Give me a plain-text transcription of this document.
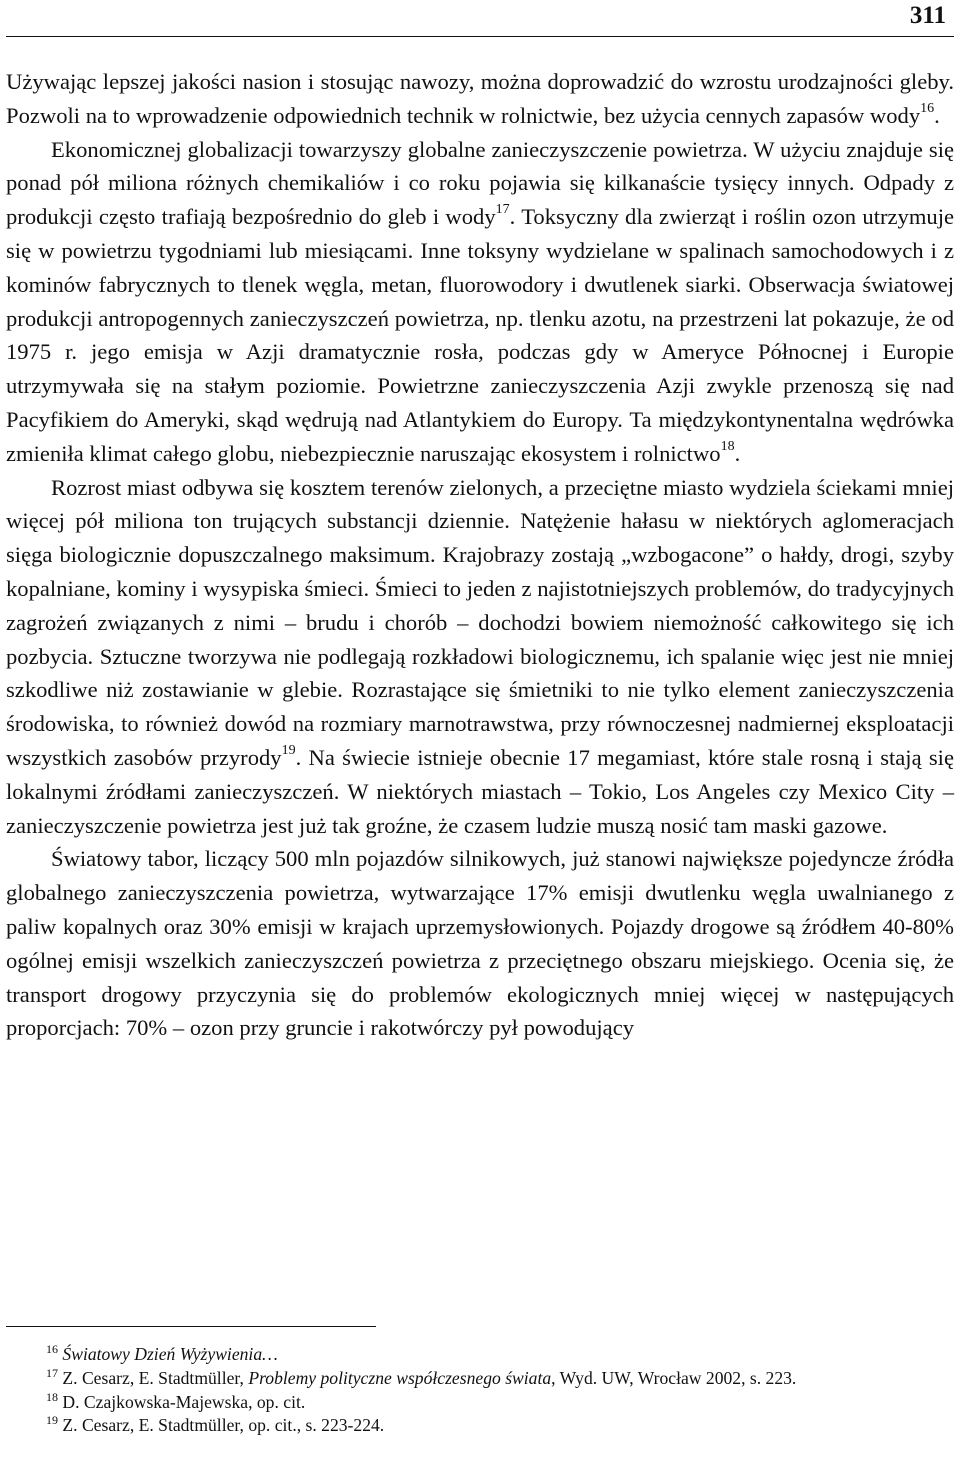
311

Używając lepszej jakości nasion i stosując nawozy, można doprowadzić do wzrostu urodzajności gleby. Pozwoli na to wprowadzenie odpowiednich technik w rolnictwie, bez użycia cennych zapasów wody$^{16}$.

Ekonomicznej globalizacji towarzyszy globalne zanieczyszczenie powietrza. W użyciu znajduje się ponad pół miliona różnych chemikaliów i co roku pojawia się kilkanaście tysięcy innych. Odpady z produkcji często trafiają bezpośrednio do gleb i wody$^{17}$. Toksyczny dla zwierząt i roślin ozon utrzymuje się w powietrzu tygodniami lub miesiącami. Inne toksyny wydzielane w spalinach samochodowych i z kominów fabrycznych to tlenek węgla, metan, fluorowodory i dwutlenek siarki. Obserwacja światowej produkcji antropogennych zanieczyszczeń powietrza, np. tlenku azotu, na przestrzeni lat pokazuje, że od 1975 r. jego emisja w Azji dramatycznie rosła, podczas gdy w Ameryce Północnej i Europie utrzymywała się na stałym poziomie. Powietrzne zanieczyszczenia Azji zwykle przenoszą się nad Pacyfikiem do Ameryki, skąd wędrują nad Atlantykiem do Europy. Ta międzykontynentalna wędrówka zmieniła klimat całego globu, niebezpiecznie naruszając ekosystem i rolnictwo$^{18}$.

Rozrost miast odbywa się kosztem terenów zielonych, a przeciętne miasto wydziela ściekami mniej więcej pół miliona ton trujących substancji dziennie. Natężenie hałasu w niektórych aglomeracjach sięga biologicznie dopuszczalnego maksimum. Krajobrazy zostają „wzbogacone” o hałdy, drogi, szyby kopalniane, kominy i wysypiska śmieci. Śmieci to jeden z najistotniejszych problemów, do tradycyjnych zagrożeń związanych z nimi – brudu i chorób – dochodzi bowiem niemożność całkowitego się ich pozbycia. Sztuczne tworzywa nie podlegają rozkładowi biologicznemu, ich spalanie więc jest nie mniej szkodliwe niż zostawianie w glebie. Rozrastające się śmietniki to nie tylko element zanieczyszczenia środowiska, to również dowód na rozmiary marnotrawstwa, przy równoczesnej nadmiernej eksploatacji wszystkich zasobów przyrody$^{19}$. Na świecie istnieje obecnie 17 megamiast, które stale rosną i stają się lokalnymi źródłami zanieczyszczeń. W niektórych miastach – Tokio, Los Angeles czy Mexico City – zanieczyszczenie powietrza jest już tak groźne, że czasem ludzie muszą nosić tam maski gazowe.

Światowy tabor, liczący 500 mln pojazdów silnikowych, już stanowi największe pojedyncze źródła globalnego zanieczyszczenia powietrza, wytwarzające 17% emisji dwutlenku węgla uwalnianego z paliw kopalnych oraz 30% emisji w krajach uprzemysłowionych. Pojazdy drogowe są źródłem 40-80% ogólnej emisji wszelkich zanieczyszczeń powietrza z przeciętnego obszaru miejskiego. Ocenia się, że transport drogowy przyczynia się do problemów ekologicznych mniej więcej w następujących proporcjach: 70% – ozon przy gruncie i rakotwórczy pył powodujący

$^{16}$ Światowy Dzień Wyżywienia…

$^{17}$ Z. Cesarz, E. Stadtmüller, Problemy polityczne współczesnego świata, Wyd. UW, Wrocław 2002, s. 223.

$^{18}$ D. Czajkowska-Majewska, op. cit.

$^{19}$ Z. Cesarz, E. Stadtmüller, op. cit., s. 223-224.
